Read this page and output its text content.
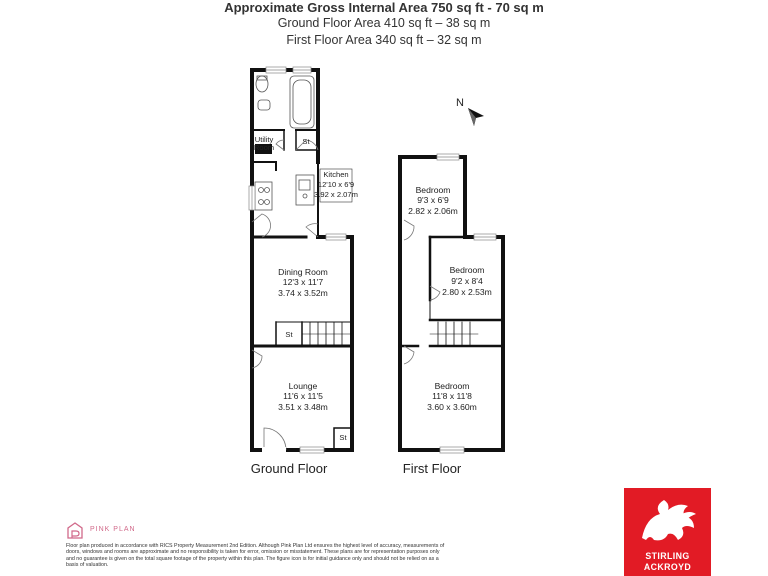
Approximate Gross Internal Area 750 sq ft - 70 sq m
Ground Floor Area 410 sq ft – 38 sq m
First Floor Area 340 sq ft – 32 sq m
N
Utility
Room
St
Kitchen
12'10 x 6'9
3.92 x 2.07m
Dining Room
12'3 x 11'7
3.74 x 3.52m
St
Lounge
11'6 x 11'5
3.51 x 3.48m
St
Ground Floor
Bedroom
9'3 x 6'9
2.82 x 2.06m
Bedroom
9'2 x 8'4
2.80 x 2.53m
Bedroom
11'8 x 11'8
3.60 x 3.60m
First Floor
PINK PLAN
Floor plan produced in accordance with RICS Property Measurement 2nd Edition. Although Pink Plan Ltd ensures the highest level of accuracy, measurements of doors, windows and rooms are approximate and no responsibility is taken for error, omission or misstatement. These plans are for representation purposes only and no guarantee is given on the total square footage of the property within this plan. The figure icon is for initial guidance only and should not be relied on as a basis of valuation.
STIRLING
ACKROYD
